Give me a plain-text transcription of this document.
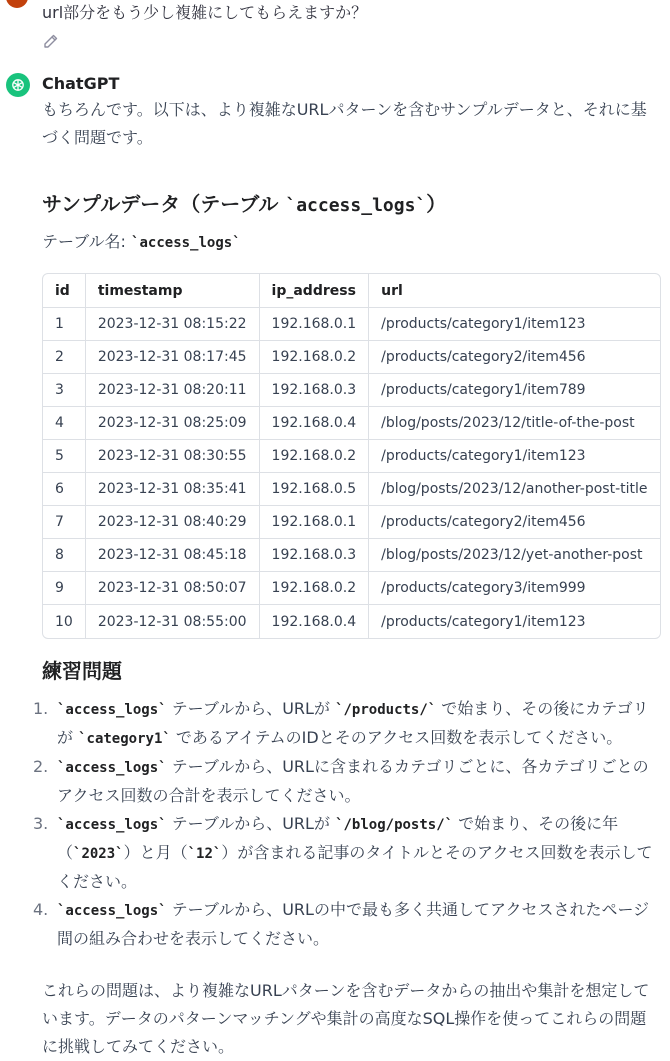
url部分をもう少し複雑にしてもらえますか？
ChatGPT

もちろんです。以下は、より複雑なURLパターンを含むサンプルデータと、それに基づく問題です。

サンプルデータ（テーブル `access_logs`）

テーブル名: `access_logs`

id	timestamp	ip_address	url
1	2023-12-31 08:15:22	192.168.0.1	/products/category1/item123
2	2023-12-31 08:17:45	192.168.0.2	/products/category2/item456
3	2023-12-31 08:20:11	192.168.0.3	/products/category1/item789
4	2023-12-31 08:25:09	192.168.0.4	/blog/posts/2023/12/title-of-the-post
5	2023-12-31 08:30:55	192.168.0.2	/products/category1/item123
6	2023-12-31 08:35:41	192.168.0.5	/blog/posts/2023/12/another-post-title
7	2023-12-31 08:40:29	192.168.0.1	/products/category2/item456
8	2023-12-31 08:45:18	192.168.0.3	/blog/posts/2023/12/yet-another-post
9	2023-12-31 08:50:07	192.168.0.2	/products/category3/item999
10	2023-12-31 08:55:00	192.168.0.4	/products/category1/item123
練習問題
1. `access_logs` テーブルから、URLが `/products/` で始まり、その後にカテゴリが `category1` であるアイテムのIDとそのアクセス回数を表示してください。
2. `access_logs` テーブルから、URLに含まれるカテゴリごとに、各カテゴリごとのアクセス回数の合計を表示してください。
3. `access_logs` テーブルから、URLが `/blog/posts/` で始まり、その後に年（`2023`）と月（`12`）が含まれる記事のタイトルとそのアクセス回数を表示してください。
4. `access_logs` テーブルから、URLの中で最も多く共通してアクセスされたページ間の組み合わせを表示してください。

これらの問題は、より複雑なURLパターンを含むデータからの抽出や集計を想定しています。データのパターンマッチングや集計の高度なSQL操作を使ってこれらの問題に挑戦してみてください。
